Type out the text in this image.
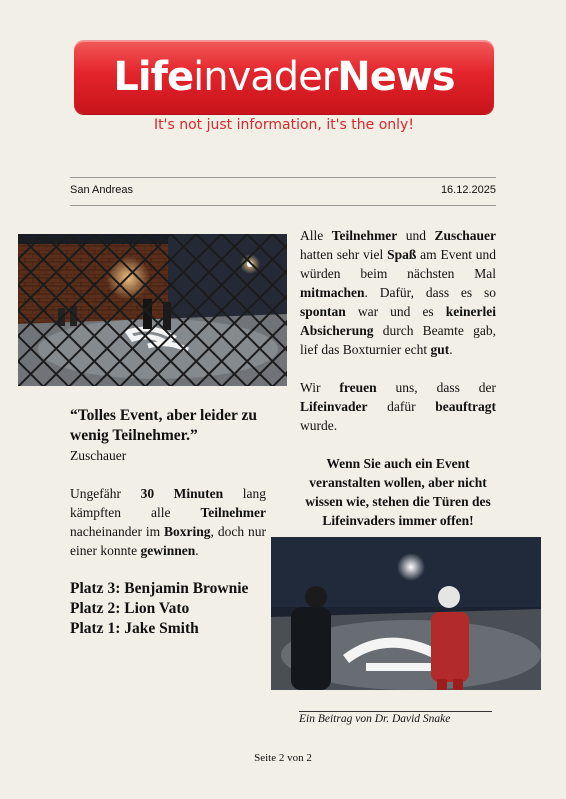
LifeinvaderNews
It's not just information, it's the only!
San Andreas	16.12.2025

“Tolles Event, aber leider zu wenig Teilnehmer.”

Zuschauer

Ungefähr 30 Minuten lang kämpften alle Teilnehmer nacheinander im Boxring, doch nur einer konnte gewinnen.

Platz 3: Benjamin Brownie
Platz 2: Lion Vato
Platz 1: Jake Smith

Alle Teilnehmer und Zuschauer hatten sehr viel Spaß am Event und würden beim nächsten Mal mitmachen. Dafür, dass es so spontan war und es keinerlei Absicherung durch Beamte gab, lief das Boxturnier echt gut.

Wir freuen uns, dass der Lifeinvader dafür beauftragt wurde.

Wenn Sie auch ein Event veranstalten wollen, aber nicht wissen wie, stehen die Türen des Lifeinvaders immer offen!

Ein Beitrag von Dr. David Snake
Seite 2 von 2
